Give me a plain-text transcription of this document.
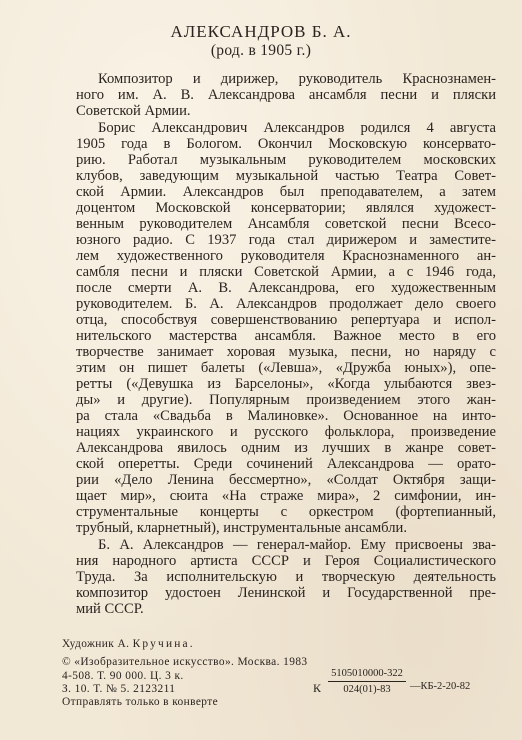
АЛЕКСАНДРОВ Б. А.
(род. в 1905 г.)

Композитор и дирижер, руководитель Краснознамен-
ного им. А. В. Александрова ансамбля песни и пляски
Советской Армии.

Борис Александрович Александров родился 4 августа
1905 года в Бологом. Окончил Московскую консервато-
рию. Работал музыкальным руководителем московских
клубов, заведующим музыкальной частью Театра Совет-
ской Армии. Александров был преподавателем, а затем
доцентом Московской консерватории; являлся художест-
венным руководителем Ансамбля советской песни Всесо-
юзного радио. С 1937 года стал дирижером и заместите-
лем художественного руководителя Краснознаменного ан-
самбля песни и пляски Советской Армии, а с 1946 года,
после смерти А. В. Александрова, его художественным
руководителем. Б. А. Александров продолжает дело своего
отца, способствуя совершенствованию репертуара и испол-
нительского мастерства ансамбля. Важное место в его
творчестве занимает хоровая музыка, песни, но наряду с
этим он пишет балеты («Левша», «Дружба юных»), опе-
ретты («Девушка из Барселоны», «Когда улыбаются звез-
ды» и другие). Популярным произведением этого жан-
ра стала «Свадьба в Малиновке». Основанное на инто-
нациях украинского и русского фольклора, произведение
Александрова явилось одним из лучших в жанре совет-
ской оперетты. Среди сочинений Александрова — орато-
рии «Дело Ленина бессмертно», «Солдат Октября защи-
щает мир», сюита «На страже мира», 2 симфонии, ин-
струментальные концерты с оркестром (фортепианный,
трубный, кларнетный), инструментальные ансамбли.

Б. А. Александров — генерал-майор. Ему присвоены зва-
ния народного артиста СССР и Героя Социалистического
Труда. За исполнительскую и творческую деятельность
композитор удостоен Ленинской и Государственной пре-
мий СССР.

Художник А. Кручина.
© «Изобразительное искусство». Москва. 1983
4-508. Т. 90 000. Ц. 3 к.
З. 10. Т. № 5. 2123211
Отправлять только в конверте
К $\frac{5105010000-322}{024(01)-83}$ —КБ-2-20-82
